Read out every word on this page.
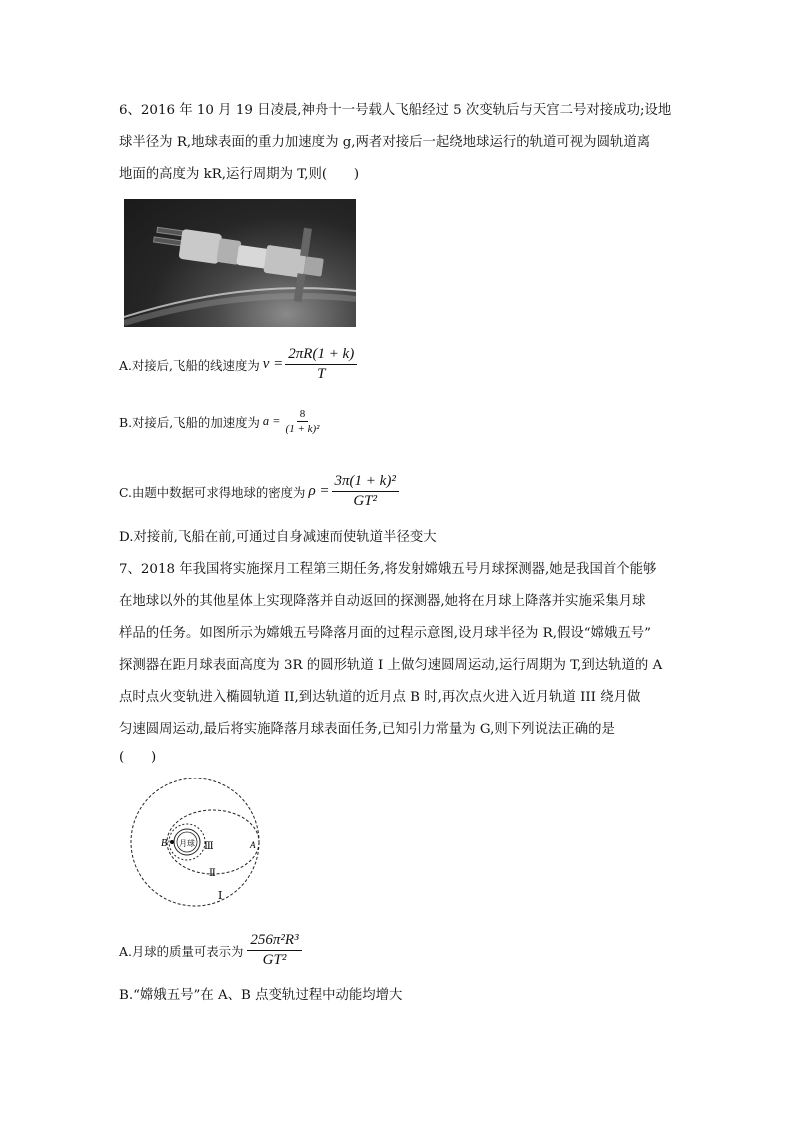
6、2016 年 10 月 19 日凌晨,神舟十一号载人飞船经过 5 次变轨后与天宫二号对接成功;设地
球半径为 R,地球表面的重力加速度为 g,两者对接后一起绕地球运行的轨道可视为圆轨道离
地面的高度为 kR,运行周期为 T,则(　　)
A.对接后,飞船的线速度为 $v = \frac{2\pi R(1 + k)}{T}$
B.对接后,飞船的加速度为 $a = \frac{8}{\text{(1 + k)²}}$
C.由题中数据可求得地球的密度为 $\rho = \frac{\text{3π(1 + k)²}}{\text{GT²}}$
D.对接前,飞船在前,可通过自身减速而使轨道半径变大
7、2018 年我国将实施探月工程第三期任务,将发射嫦娥五号月球探测器,她是我国首个能够
在地球以外的其他星体上实现降落并自动返回的探测器,她将在月球上降落并实施采集月球
样品的任务。如图所示为嫦娥五号降落月面的过程示意图,设月球半径为 R,假设“嫦娥五号”
探测器在距月球表面高度为 3R 的圆形轨道 I 上做匀速圆周运动,运行周期为 T,到达轨道的 A
点时点火变轨进入椭圆轨道 II,到达轨道的近月点 B 时,再次点火进入近月轨道 III 绕月做
匀速圆周运动,最后将实施降落月球表面任务,已知引力常量为 G,则下列说法正确的是
(　　)
B 月球 Ⅲ	A
Ⅱ
Ⅰ
A.月球的质量可表示为 $\frac{\text{256π²R³}}{\text{GT²}}$
B.“嫦娥五号”在 A、B 点变轨过程中动能均增大
